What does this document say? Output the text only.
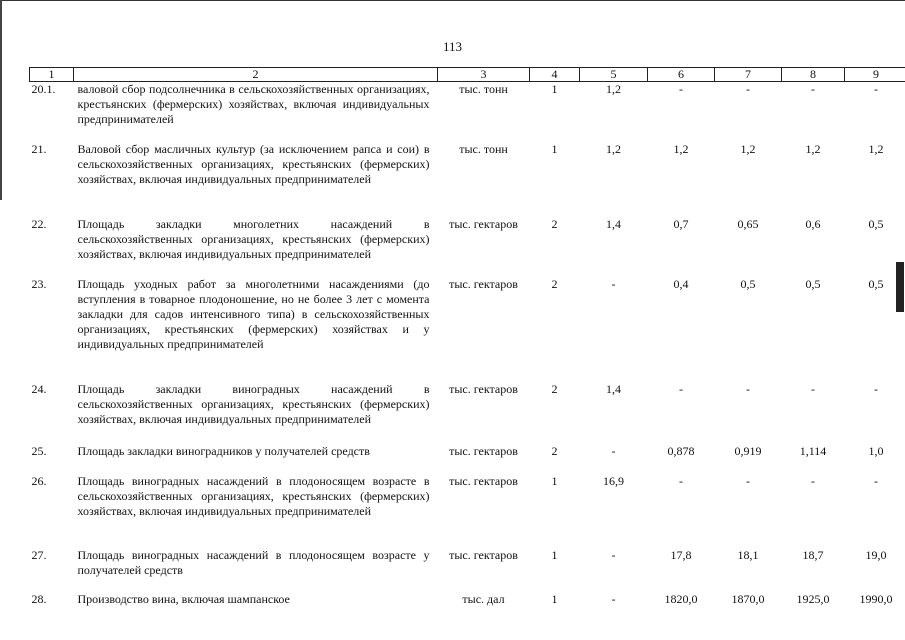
113
1	2	3	4	5	6	7	8	9
20.1.	валовой сбор подсолнечника в сельскохозяйственных организациях, крестьянских (фермерских) хозяйствах, включая индивидуальных предпринимателей	тыс. тонн	1	1,2	-	-	-	-
21.	Валовой сбор масличных культур (за исключением рапса и сои) в сельскохозяйственных организациях, крестьянских (фермерских) хозяйствах, включая индивидуальных предпринимателей	тыс. тонн	1	1,2	1,2	1,2	1,2	1,2
22.	Площадь закладки многолетних насаждений в сельскохозяйственных организациях, крестьянских (фермерских) хозяйствах, включая индивидуальных предпринимателей	тыс. гектаров	2	1,4	0,7	0,65	0,6	0,5
23.	Площадь уходных работ за многолетними насаждениями (до вступления в товарное плодоношение, но не более 3 лет с момента закладки для садов интенсивного типа) в сельскохозяйственных организациях, крестьянских (фермерских) хозяйствах и у индивидуальных предпринимателей	тыс. гектаров	2	-	0,4	0,5	0,5	0,5
24.	Площадь закладки виноградных насаждений в сельскохозяйственных организациях, крестьянских (фермерских) хозяйствах, включая индивидуальных предпринимателей	тыс. гектаров	2	1,4	-	-	-	-
25.	Площадь закладки виноградников у получателей средств	тыс. гектаров	2	-	0,878	0,919	1,114	1,0
26.	Площадь виноградных насаждений в плодоносящем возрасте в сельскохозяйственных организациях, крестьянских (фермерских) хозяйствах, включая индивидуальных предпринимателей	тыс. гектаров	1	16,9	-	-	-	-
27.	Площадь виноградных насаждений в плодоносящем возрасте у получателей средств	тыс. гектаров	1	-	17,8	18,1	18,7	19,0
28.	Производство вина, включая шампанское	тыс. дал	1	-	1820,0	1870,0	1925,0	1990,0
